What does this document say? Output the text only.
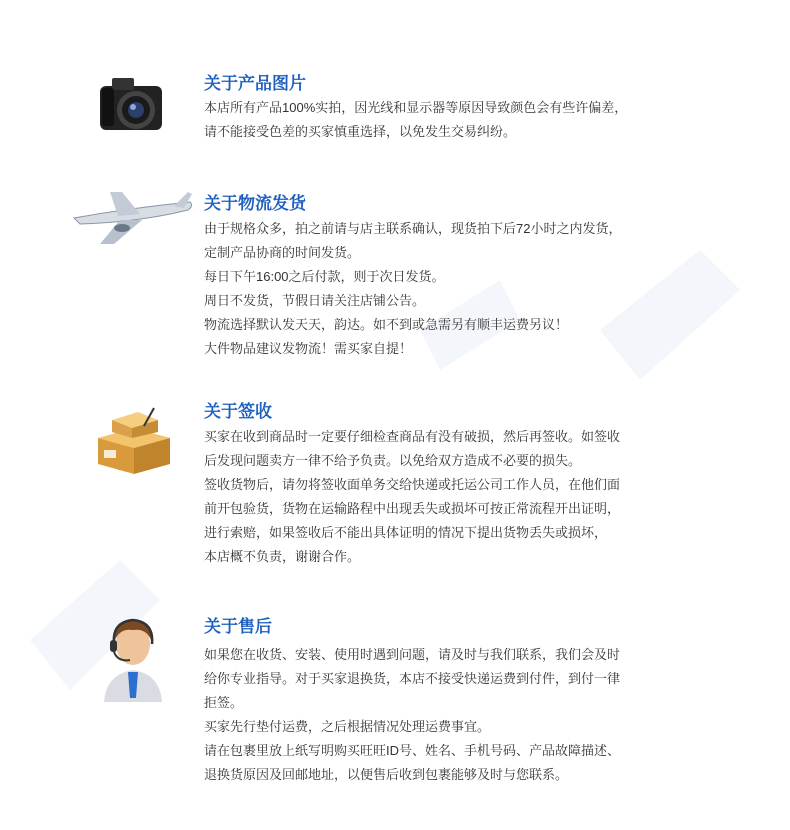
关于产品图片
本店所有产品100%实拍，因光线和显示器等原因导致颜色会有些许偏差，
请不能接受色差的买家慎重选择，以免发生交易纠纷。
关于物流发货
由于规格众多，拍之前请与店主联系确认，现货拍下后72小时之内发货，
定制产品协商的时间发货。
每日下午16:00之后付款，则于次日发货。
周日不发货，节假日请关注店铺公告。
物流选择默认发天天，韵达。如不到或急需另有顺丰运费另议！
大件物品建议发物流！需买家自提！
关于签收
买家在收到商品时一定要仔细检查商品有没有破损，然后再签收。如签收
后发现问题卖方一律不给予负责。以免给双方造成不必要的损失。
签收货物后，请勿将签收面单务交给快递或托运公司工作人员，在他们面
前开包验货，货物在运输路程中出现丢失或损坏可按正常流程开出证明，
进行索赔，如果签收后不能出具体证明的情况下提出货物丢失或损坏，
本店概不负责，谢谢合作。
关于售后
如果您在收货、安装、使用时遇到问题，请及时与我们联系，我们会及时
给你专业指导。对于买家退换货，本店不接受快递运费到付件，到付一律
拒签。
买家先行垫付运费，之后根据情况处理运费事宜。
请在包裹里放上纸写明购买旺旺ID号、姓名、手机号码、产品故障描述、
退换货原因及回邮地址，以便售后收到包裹能够及时与您联系。
